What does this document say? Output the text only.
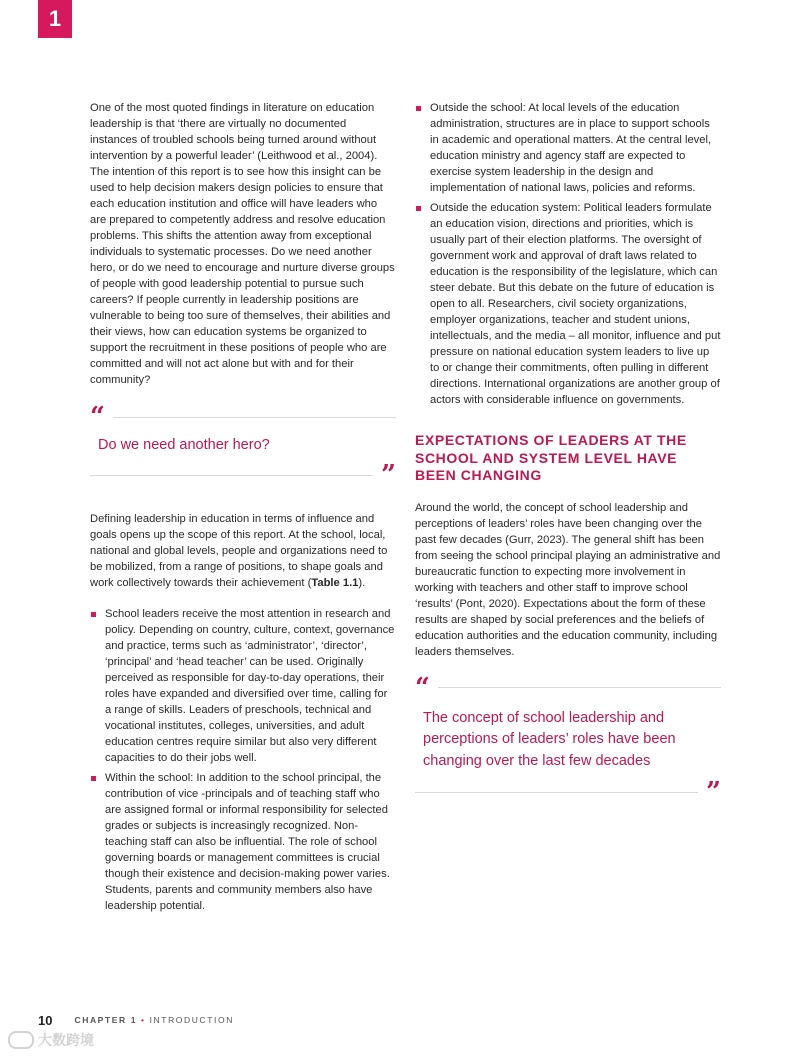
1

One of the most quoted findings in literature on education leadership is that ‘there are virtually no documented instances of troubled schools being turned around without intervention by a powerful leader’ (Leithwood et al., 2004). The intention of this report is to see how this insight can be used to help decision makers design policies to ensure that each education institution and office will have leaders who are prepared to competently address and resolve education problems. This shifts the attention away from exceptional individuals to systematic processes. Do we need another hero, or do we need to encourage and nurture diverse groups of people with good leadership potential to pursue such careers? If people currently in leadership positions are vulnerable to being too sure of themselves, their abilities and their views, how can education systems be organized to support the recruitment in these positions of people who are committed and will not act alone but with and for their community?

“
Do we need another hero?
”

Defining leadership in education in terms of influence and goals opens up the scope of this report. At the school, local, national and global levels, people and organizations need to be mobilized, from a range of positions, to shape goals and work collectively towards their achievement (Table 1.1).

School leaders receive the most attention in research and policy. Depending on country, culture, context, governance and practice, terms such as ‘administrator’, ‘director’, ‘principal’ and ‘head teacher’ can be used. Originally perceived as responsible for day-to-day operations, their roles have expanded and diversified over time, calling for a range of skills. Leaders of preschools, technical and vocational institutes, colleges, universities, and adult education centres require similar but also very different capacities to do their jobs well.
Within the school: In addition to the school principal, the contribution of vice -principals and of teaching staff who are assigned formal or informal responsibility for selected grades or subjects is increasingly recognized. Non-teaching staff can also be influential. The role of school governing boards or management committees is crucial though their existence and decision-making power varies. Students, parents and community members also have leadership potential.
Outside the school: At local levels of the education administration, structures are in place to support schools in academic and operational matters. At the central level, education ministry and agency staff are expected to exercise system leadership in the design and implementation of national laws, policies and reforms.
Outside the education system: Political leaders formulate an education vision, directions and priorities, which is usually part of their election platforms. The oversight of government work and approval of draft laws related to education is the responsibility of the legislature, which can steer debate. But this debate on the future of education is open to all. Researchers, civil society organizations, employer organizations, teacher and student unions, intellectuals, and the media – all monitor, influence and put pressure on national education system leaders to live up to or change their commitments, often pulling in different directions. International organizations are another group of actors with considerable influence on governments.
EXPECTATIONS OF LEADERS AT THE SCHOOL AND SYSTEM LEVEL HAVE BEEN CHANGING

Around the world, the concept of school leadership and perceptions of leaders’ roles have been changing over the past few decades (Gurr, 2023). The general shift has been from seeing the school principal playing an administrative and bureaucratic function to expecting more involvement in working with teachers and other staff to improve school ‘results’ (Pont, 2020). Expectations about the form of these results are shaped by social preferences and the beliefs of education authorities and the education community, including leaders themselves.

“
The concept of school leadership and perceptions of leaders’ roles have been changing over the last few decades
”
10	CHAPTER 1 • INTRODUCTION
大数跨境
